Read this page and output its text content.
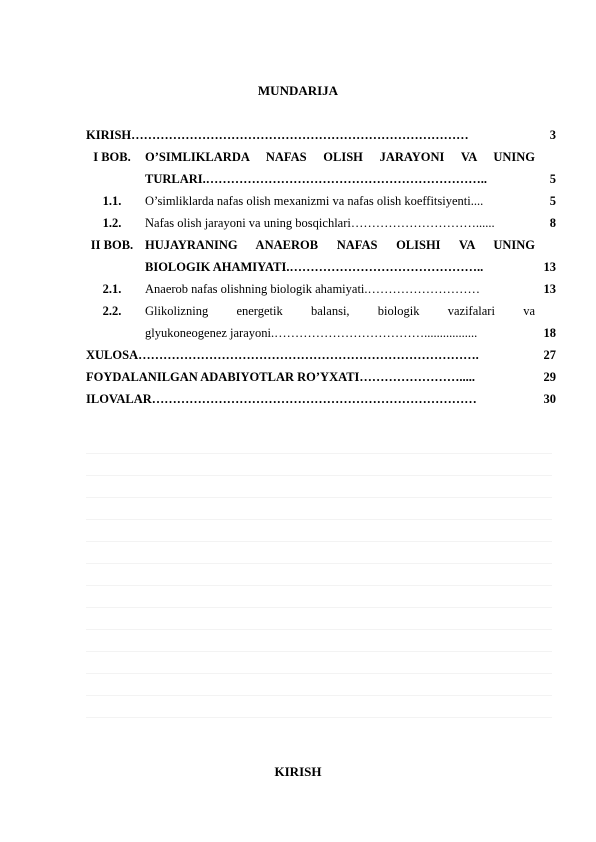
MUNDARIJA
KIRISH………………………………………………………………………	3
I BOB.	O’SIMLIKLARDA NAFAS OLISH JARAYONI VA UNING
TURLARI.…………………………………………………………..	5
1.1.	O’simliklarda nafas olish mexanizmi va nafas olish koeffitsiyenti....	5
1.2.	Nafas olish jarayoni va uning bosqichlari…………………………......	8
II BOB. HUJAYRANING ANAEROB NAFAS OLISHI VA UNING
BIOLOGIK AHAMIYATI.………………………………………..	13
2.1.	Anaerob nafas olishning biologik ahamiyati.………………………	13
2.2.	Glikolizning energetik balansi, biologik vazifalari va
glyukoneogenez jarayoni.……………………………….................	18
XULOSA……………………………………………………………………….	27
FOYDALANILGAN ADABIYOTLAR RO’YXATI…………………….....	29
ILOVALAR……………………………………………………………………	30
KIRISH
